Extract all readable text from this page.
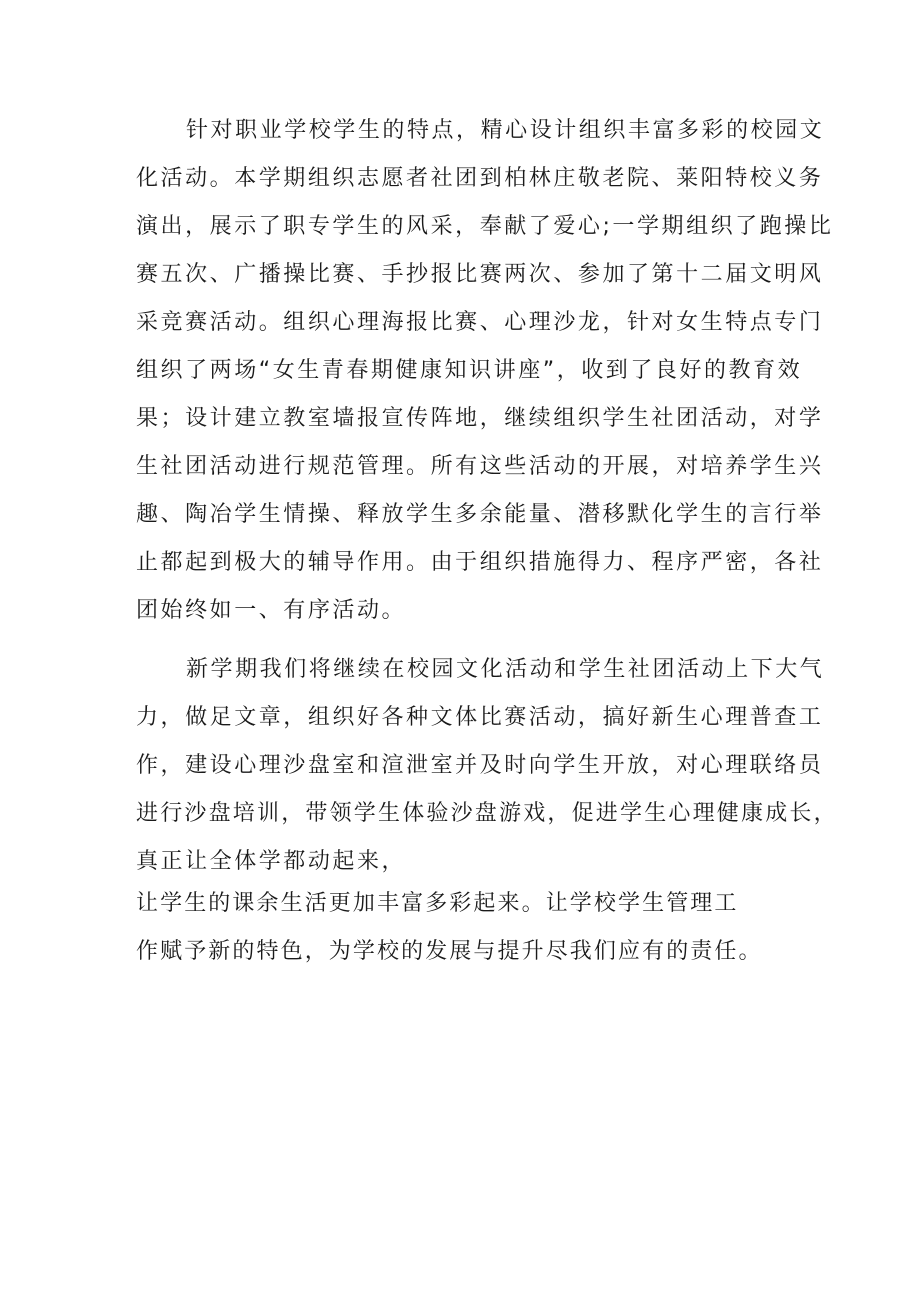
针对职业学校学生的特点，精心设计组织丰富多彩的校园文
化活动。本学期组织志愿者社团到柏林庄敬老院、莱阳特校义务
演出，展示了职专学生的风采，奉献了爱心;一学期组织了跑操比
赛五次、广播操比赛、手抄报比赛两次、参加了第十二届文明风
采竞赛活动。组织心理海报比赛、心理沙龙，针对女生特点专门
组织了两场“女生青春期健康知识讲座”，收到了良好的教育效
果；设计建立教室墙报宣传阵地，继续组织学生社团活动，对学
生社团活动进行规范管理。所有这些活动的开展，对培养学生兴
趣、陶冶学生情操、释放学生多余能量、潜移默化学生的言行举
止都起到极大的辅导作用。由于组织措施得力、程序严密，各社
团始终如一、有序活动。
新学期我们将继续在校园文化活动和学生社团活动上下大气
力，做足文章，组织好各种文体比赛活动，搞好新生心理普查工
作，建设心理沙盘室和渲泄室并及时向学生开放，对心理联络员
进行沙盘培训，带领学生体验沙盘游戏，促进学生心理健康成长，
真正让全体学都动起来，
让学生的课余生活更加丰富多彩起来。让学校学生管理工
作赋予新的特色，为学校的发展与提升尽我们应有的责任。
